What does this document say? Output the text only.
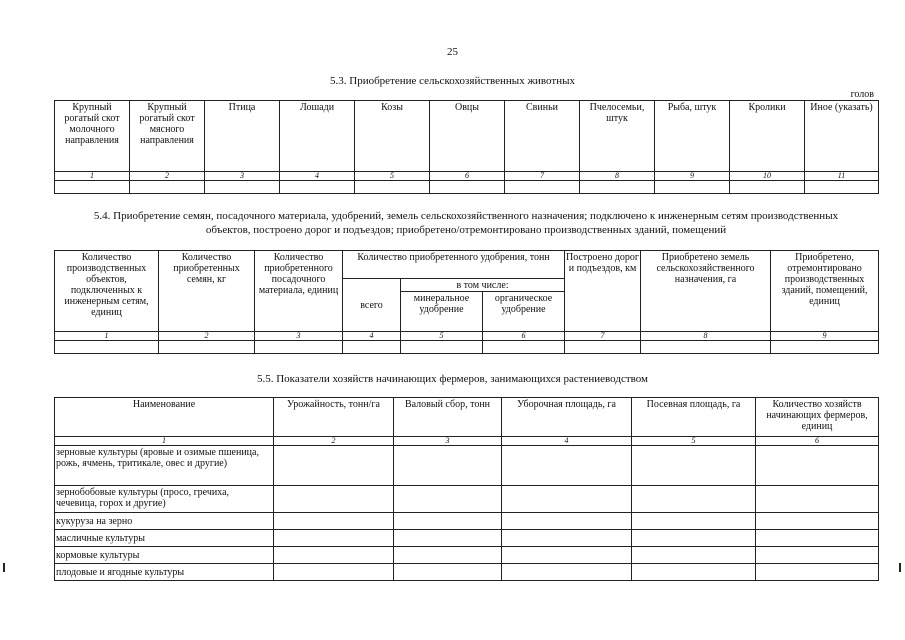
25
5.3. Приобретение сельскохозяйственных животных
голов
Крупный рогатый скот молочного направления	Крупный рогатый скот мясного направления	Птица	Лошади	Козы	Овцы	Свиньи	Пчелосемьи, штук	Рыба, штук	Кролики	Иное (указать)
1	2	3	4	5	6	7	8	9	10	11

5.4. Приобретение семян, посадочного материала, удобрений, земель сельскохозяйственного назначения; подключено к инженерным сетям производственных
объектов, построено дорог и подъездов; приобретено/отремонтировано производственных зданий, помещений
Количество производственных объектов, подключенных к инженерным сетям, единиц	Количество приобретенных семян, кг	Количество приобретенного посадочного материала, единиц	Количество приобретенного удобрения, тонн			Построено дорог и подъездов, км	Приобретено земель сельскохозяйственного назначения, га	Приобретено, отремонтировано производственных зданий, помещений, единиц
			всего	в том числе:				
				минеральное удобрение	органическое удобрение			
1	2	3	4	5	6	7	8	9

5.5. Показатели хозяйств начинающих фермеров, занимающихся растениеводством
Наименование	Урожайность, тонн/га	Валовый сбор, тонн	Уборочная площадь, га	Посевная площадь, га	Количество хозяйств начинающих фермеров, единиц
1	2	3	4	5	6
зерновые культуры (яровые и озимые пшеница, рожь, ячмень, тритикале, овес и другие)					
зернобобовые культуры (просо, гречиха, чечевица, горох и другие)					
кукуруза на зерно					
масличные культуры					
кормовые культуры					
плодовые и ягодные культуры					
